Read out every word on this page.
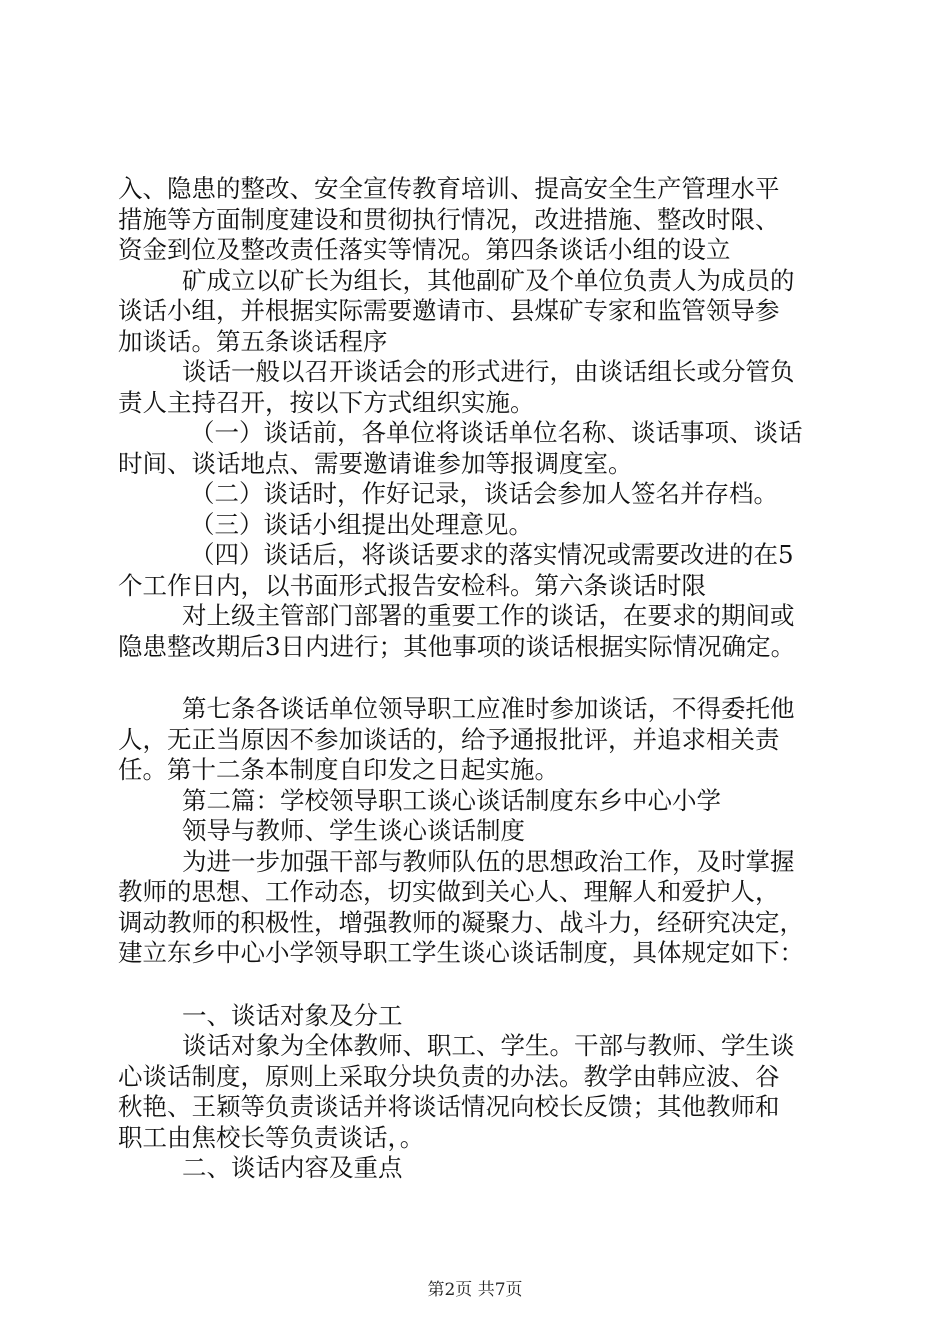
入、隐患的整改、安全宣传教育培训、提高安全生产管理水平
措施等方面制度建设和贯彻执行情况，改进措施、整改时限、
资金到位及整改责任落实等情况。第四条谈话小组的设立
矿成立以矿长为组长，其他副矿及个单位负责人为成员的
谈话小组，并根据实际需要邀请市、县煤矿专家和监管领导参
加谈话。第五条谈话程序
谈话一般以召开谈话会的形式进行，由谈话组长或分管负
责人主持召开，按以下方式组织实施。
（一）谈话前，各单位将谈话单位名称、谈话事项、谈话
时间、谈话地点、需要邀请谁参加等报调度室。
（二）谈话时，作好记录，谈话会参加人签名并存档。
（三）谈话小组提出处理意见。
（四）谈话后，将谈话要求的落实情况或需要改进的在5
个工作日内，以书面形式报告安检科。第六条谈话时限
对上级主管部门部署的重要工作的谈话，在要求的期间或
隐患整改期后3日内进行；其他事项的谈话根据实际情况确定。
第七条各谈话单位领导职工应准时参加谈话，不得委托他
人，无正当原因不参加谈话的，给予通报批评，并追求相关责
任。第十二条本制度自印发之日起实施。
第二篇：学校领导职工谈心谈话制度东乡中心小学
领导与教师、学生谈心谈话制度
为进一步加强干部与教师队伍的思想政治工作，及时掌握
教师的思想、工作动态，切实做到关心人、理解人和爱护人，
调动教师的积极性，增强教师的凝聚力、战斗力，经研究决定，
建立东乡中心小学领导职工学生谈心谈话制度，具体规定如下：
一、谈话对象及分工
谈话对象为全体教师、职工、学生。干部与教师、学生谈
心谈话制度，原则上采取分块负责的办法。教学由韩应波、谷
秋艳、王颖等负责谈话并将谈话情况向校长反馈；其他教师和
职工由焦校长等负责谈话，。
二、谈话内容及重点
第2页 共7页
